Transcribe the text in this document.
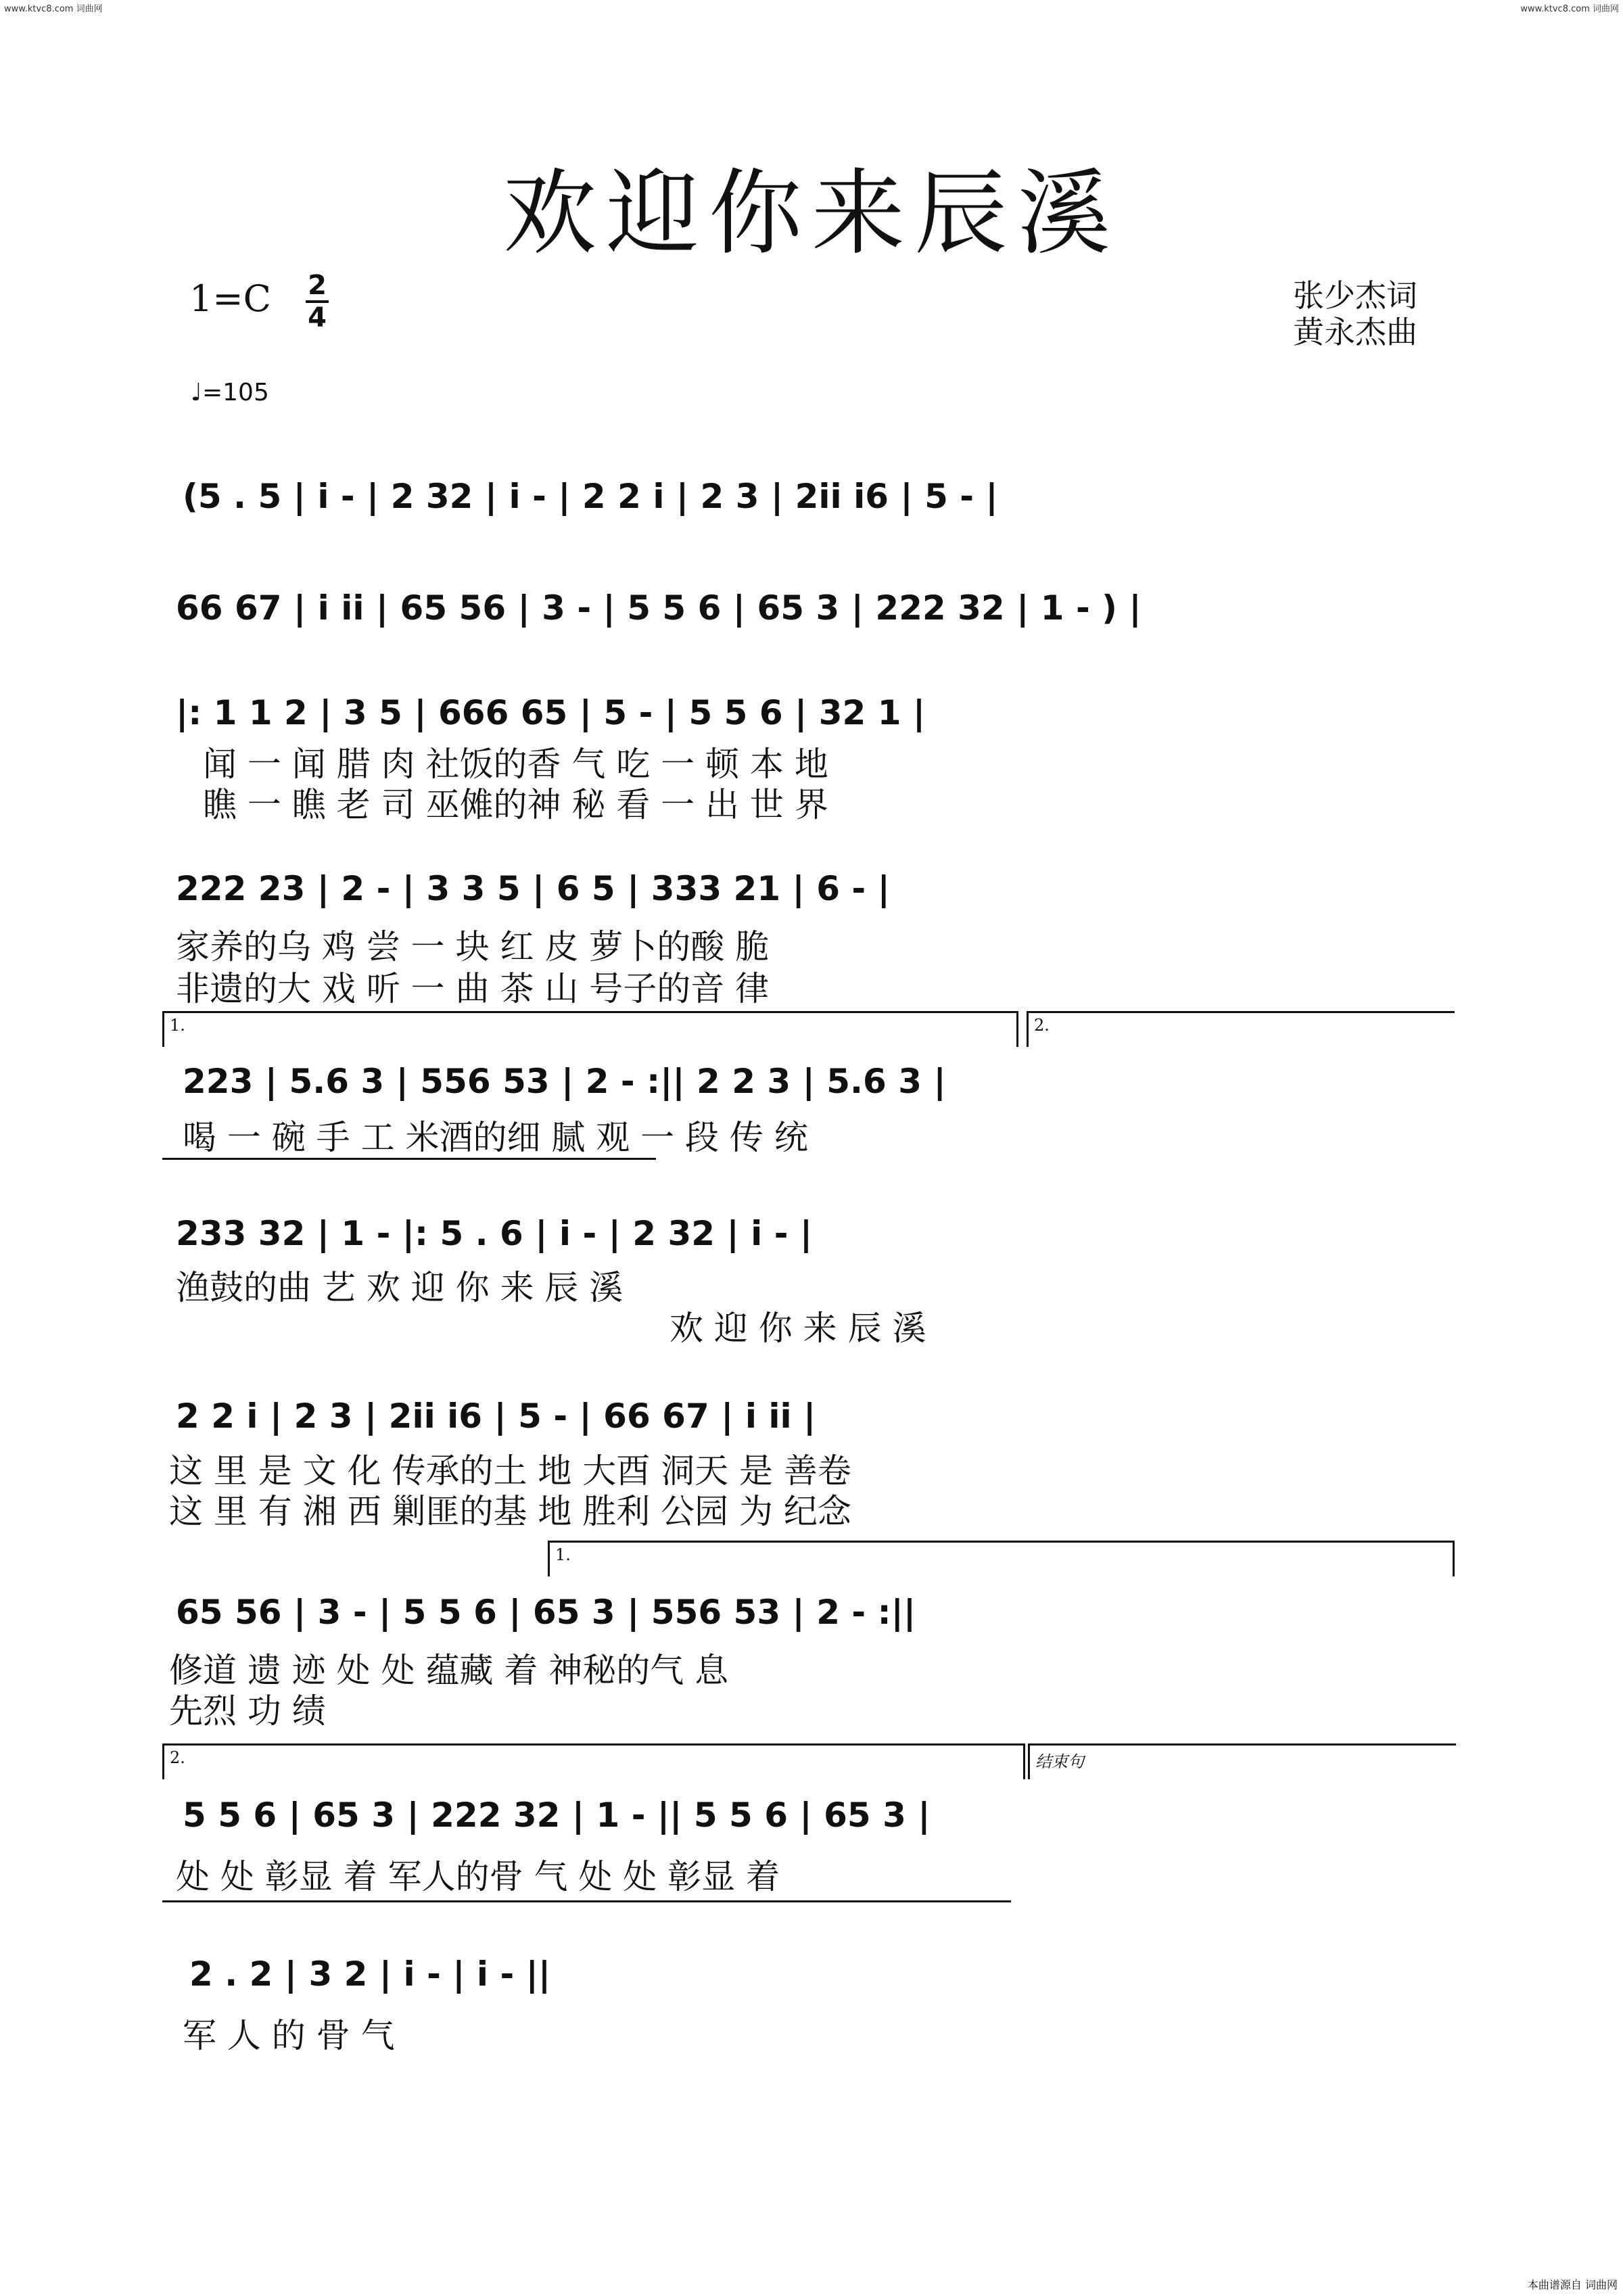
www.ktvc8.com 词曲网	www.ktvc8.com 词曲网
欢迎你来辰溪
1=C 2
4
♩=105
张少杰词
黄永杰曲
(5 . 5 | i - | 2 32 | i - | 2 2 i | 2 3 | 2ii i6 | 5 - |
66 67 | i ii | 65 56 | 3 - | 5 5 6 | 65 3 | 222 32 | 1 - ) |
|: 1 1 2 | 3 5 | 666 65 | 5 - | 5 5 6 | 32 1 |
闻 一 闻 腊 肉 社饭的香 气 吃 一 顿 本 地
瞧 一 瞧 老 司 巫傩的神 秘 看 一 出 世 界
222 23 | 2 - | 3 3 5 | 6 5 | 333 21 | 6 - |
家养的乌 鸡 尝 一 块 红 皮 萝卜的酸 脆
非遗的大 戏 听 一 曲 茶 山 号子的音 律
1.	2.
223 | 5.6 3 | 556 53 | 2 - :|| 2 2 3 | 5.6 3 |
喝 一 碗 手 工 米酒的细 腻 观 一 段 传 统
233 32 | 1 - |: 5 . 6 | i - | 2 32 | i - |
渔鼓的曲 艺 欢 迎 你 来 辰 溪
欢 迎 你 来 辰 溪
2 2 i | 2 3 | 2ii i6 | 5 - | 66 67 | i ii |
这 里 是 文 化 传承的土 地 大酉 洞天 是 善卷
这 里 有 湘 西 剿匪的基 地 胜利 公园 为 纪念
1.
65 56 | 3 - | 5 5 6 | 65 3 | 556 53 | 2 - :||
修道 遗 迹 处 处 蕴藏 着 神秘的气 息
先烈 功 绩
2.	结束句
5 5 6 | 65 3 | 222 32 | 1 - || 5 5 6 | 65 3 |
处 处 彰显 着 军人的骨 气 处 处 彰显 着
2 . 2 | 3 2 | i - | i - ||
军 人 的 骨 气
本曲谱源自 词曲网
